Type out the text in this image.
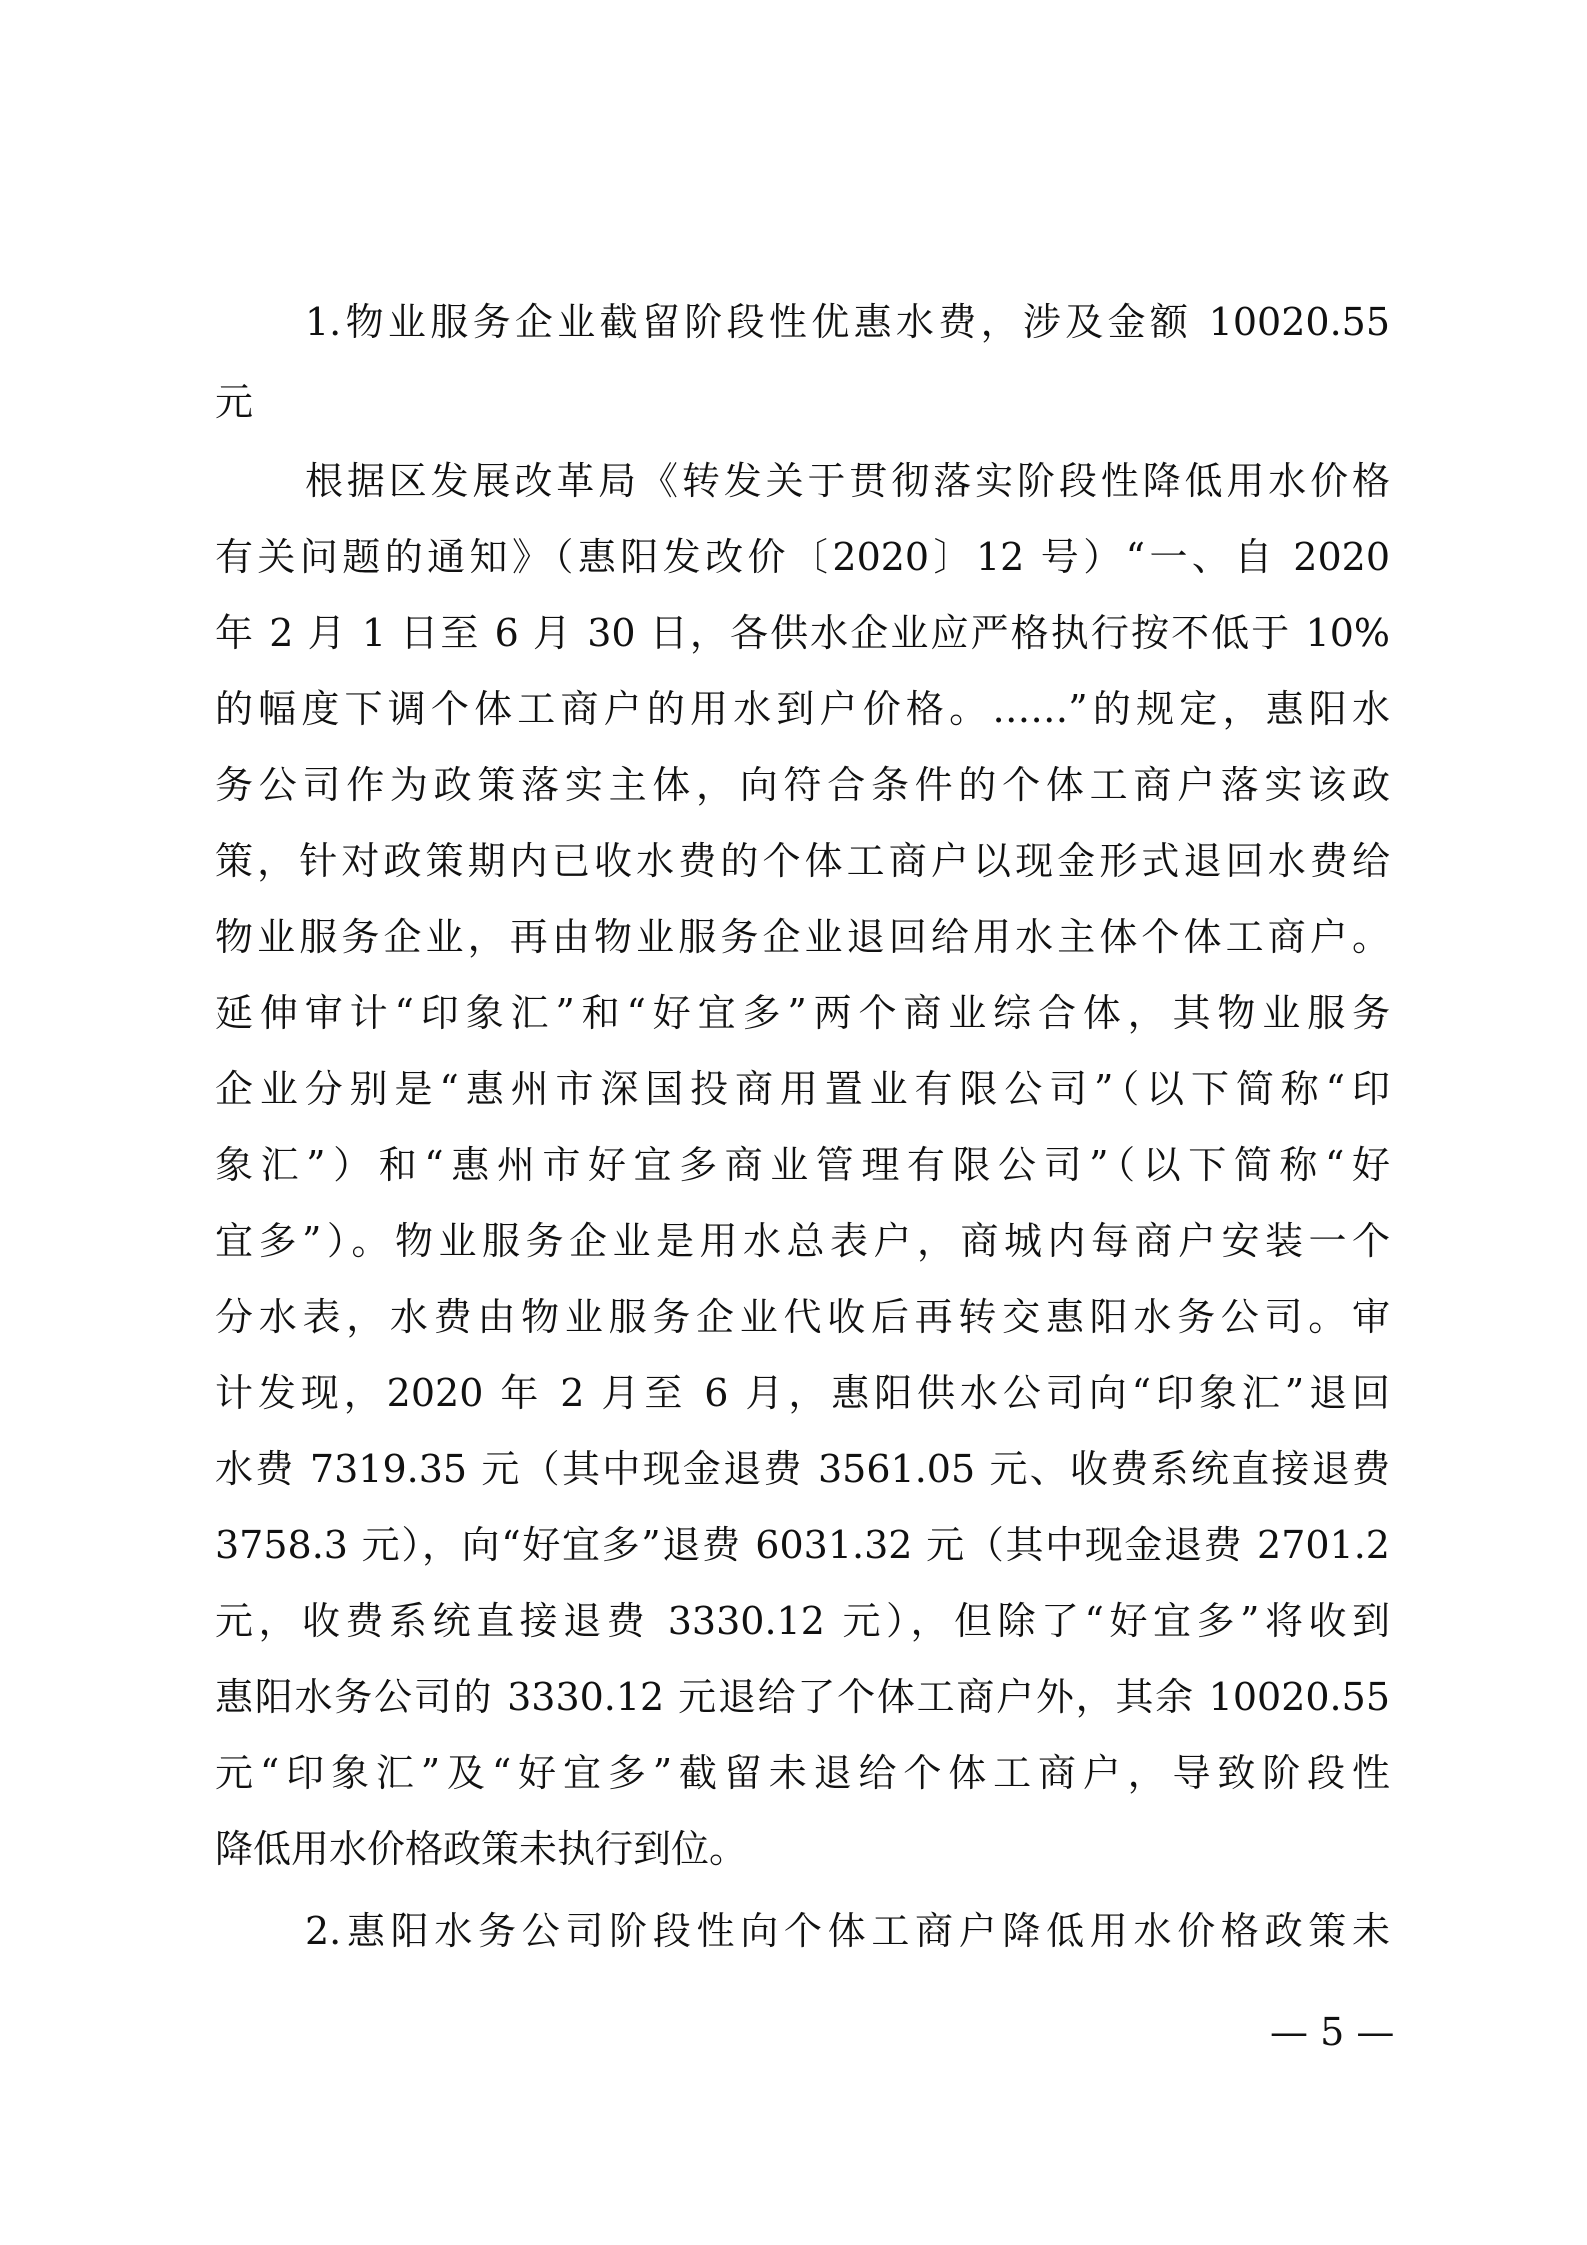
1.物业服务企业截留阶段性优惠水费，涉及金额 10020.55
元
根据区发展改革局《转发关于贯彻落实阶段性降低用水价格
有关问题的通知》（惠阳发改价〔2020〕12 号）“一、自 2020
年 2 月 1 日至 6 月 30 日，各供水企业应严格执行按不低于 10%
的幅度下调个体工商户的用水到户价格。……”的规定，惠阳水
务公司作为政策落实主体，向符合条件的个体工商户落实该政
策，针对政策期内已收水费的个体工商户以现金形式退回水费给
物业服务企业，再由物业服务企业退回给用水主体个体工商户。
延伸审计“印象汇”和“好宜多”两个商业综合体，其物业服务
企业分别是“惠州市深国投商用置业有限公司”（以下简称“印
象汇”）和“惠州市好宜多商业管理有限公司”（以下简称“好
宜多”）。物业服务企业是用水总表户，商城内每商户安装一个
分水表，水费由物业服务企业代收后再转交惠阳水务公司。审
计发现，2020 年 2 月至 6 月，惠阳供水公司向“印象汇”退回
水费 7319.35 元（其中现金退费 3561.05 元、收费系统直接退费
3758.3 元），向“好宜多”退费 6031.32 元（其中现金退费 2701.2
元，收费系统直接退费 3330.12 元），但除了“好宜多”将收到
惠阳水务公司的 3330.12 元退给了个体工商户外，其余 10020.55
元“印象汇”及“好宜多”截留未退给个体工商户，导致阶段性
降低用水价格政策未执行到位。
2.惠阳水务公司阶段性向个体工商户降低用水价格政策未
— 5 —
